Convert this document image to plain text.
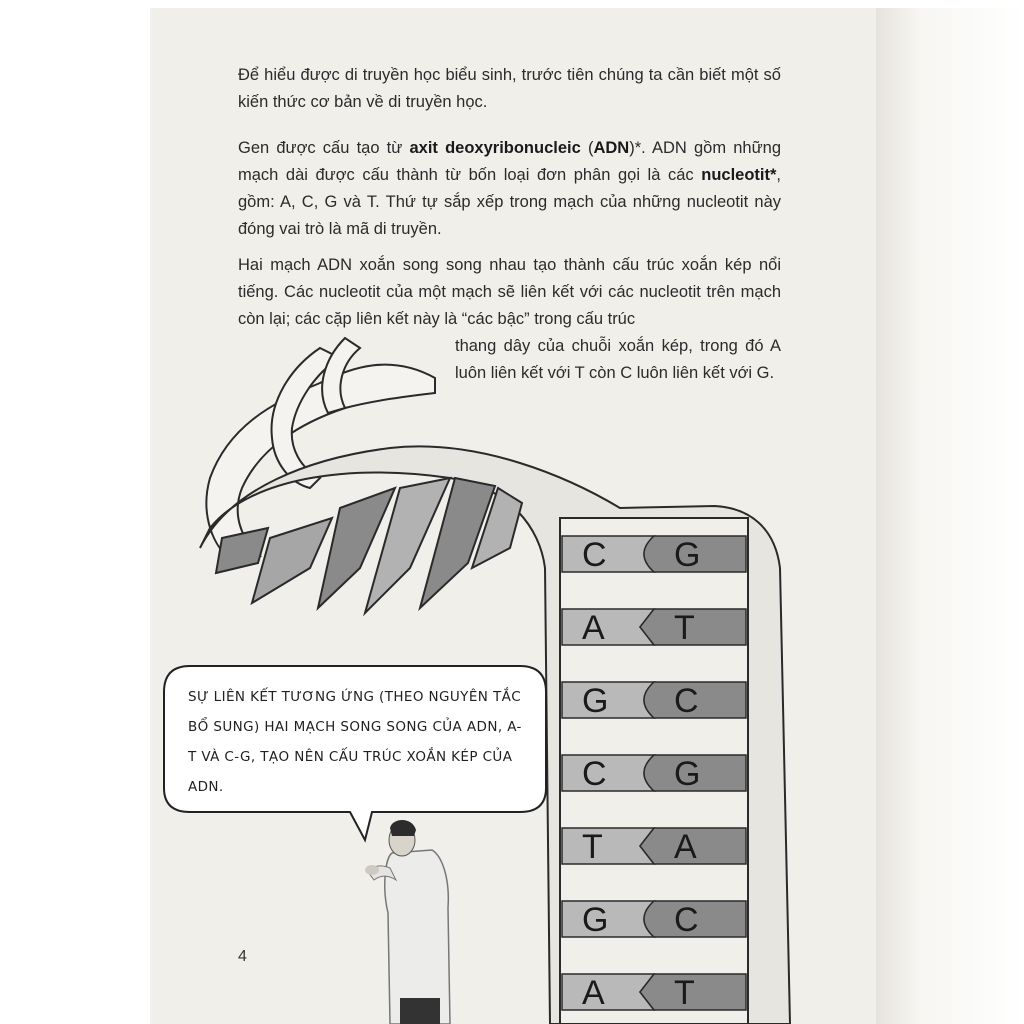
Để hiểu được di truyền học biểu sinh, trước tiên chúng ta cần biết một số kiến thức cơ bản về di truyền học.

Gen được cấu tạo từ axit deoxyribonucleic (ADN)*. ADN gồm những mạch dài được cấu thành từ bốn loại đơn phân gọi là các nucleotit*, gồm: A, C, G và T. Thứ tự sắp xếp trong mạch của những nucleotit này đóng vai trò là mã di truyền.

Hai mạch ADN xoắn song song nhau tạo thành cấu trúc xoắn kép nổi tiếng. Các nucleotit của một mạch sẽ liên kết với các nucleotit trên mạch còn lại; các cặp liên kết này là “các bậc” trong cấu trúc

thang dây của chuỗi xoắn kép, trong đó A luôn liên kết với T còn C luôn liên kết với G.

C G
A T
G C
C G
T A
G C
A T

SỰ LIÊN KẾT TƯƠNG ỨNG (THEO NGUYÊN TẮC BỔ SUNG) HAI MẠCH SONG SONG CỦA ADN, A-T VÀ C-G, TẠO NÊN CẤU TRÚC XOẮN KÉP CỦA ADN.

4
